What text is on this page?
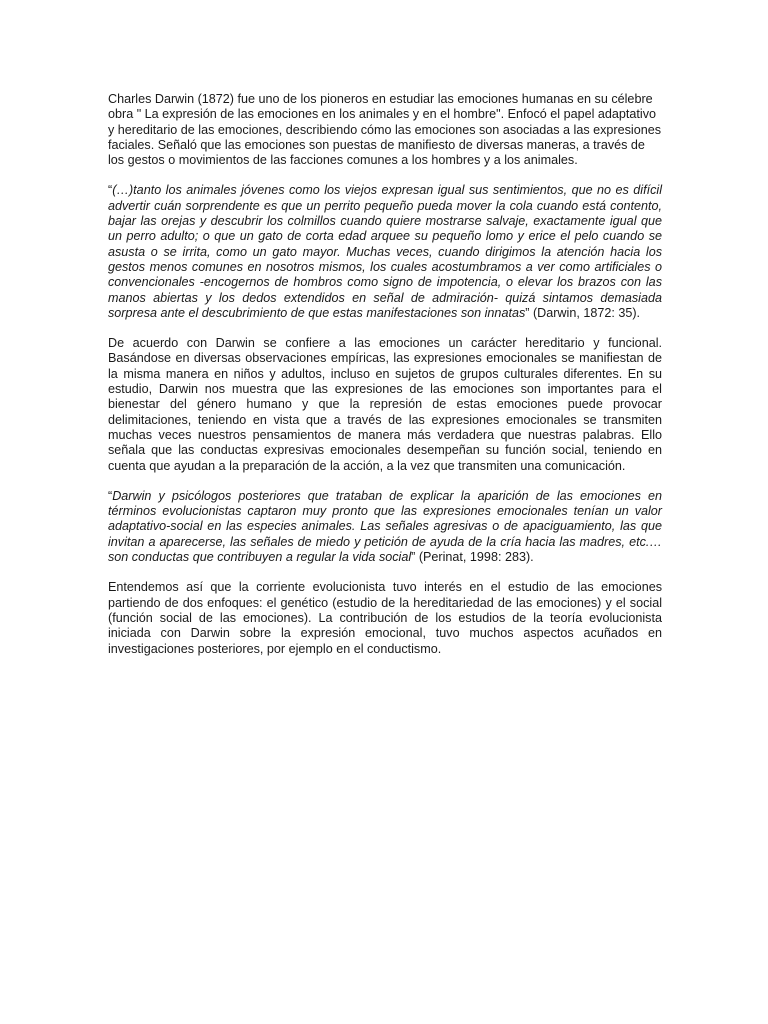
Charles Darwin (1872) fue uno de los pioneros en estudiar las emociones humanas en su célebre obra " La expresión de las emociones en los animales y en el hombre". Enfocó el papel adaptativo y hereditario de las emociones, describiendo cómo las emociones son asociadas a las expresiones faciales. Señaló que las emociones son puestas de manifiesto de diversas maneras, a través de los gestos o movimientos de las facciones comunes a los hombres y a los animales.

“(…)tanto los animales jóvenes como los viejos expresan igual sus sentimientos, que no es difícil advertir cuán sorprendente es que un perrito pequeño pueda mover la cola cuando está contento, bajar las orejas y descubrir los colmillos cuando quiere mostrarse salvaje, exactamente igual que un perro adulto; o que un gato de corta edad arquee su pequeño lomo y erice el pelo cuando se asusta o se irrita, como un gato mayor. Muchas veces, cuando dirigimos la atención hacia los gestos menos comunes en nosotros mismos, los cuales acostumbramos a ver como artificiales o convencionales -encogernos de hombros como signo de impotencia, o elevar los brazos con las manos abiertas y los dedos extendidos en señal de admiración- quizá sintamos demasiada sorpresa ante el descubrimiento de que estas manifestaciones son innatas” (Darwin, 1872: 35).

De acuerdo con Darwin se confiere a las emociones un carácter hereditario y funcional. Basándose en diversas observaciones empíricas, las expresiones emocionales se manifiestan de la misma manera en niños y adultos, incluso en sujetos de grupos culturales diferentes. En su estudio, Darwin nos muestra que las expresiones de las emociones son importantes para el bienestar del género humano y que la represión de estas emociones puede provocar delimitaciones, teniendo en vista que a través de las expresiones emocionales se transmiten muchas veces nuestros pensamientos de manera más verdadera que nuestras palabras. Ello señala que las conductas expresivas emocionales desempeñan su función social, teniendo en cuenta que ayudan a la preparación de la acción, a la vez que transmiten una comunicación.

“Darwin y psicólogos posteriores que trataban de explicar la aparición de las emociones en términos evolucionistas captaron muy pronto que las expresiones emocionales tenían un valor adaptativo-social en las especies animales. Las señales agresivas o de apaciguamiento, las que invitan a aparecerse, las señales de miedo y petición de ayuda de la cría hacia las madres, etc.… son conductas que contribuyen a regular la vida social” (Perinat, 1998: 283).

Entendemos así que la corriente evolucionista tuvo interés en el estudio de las emociones partiendo de dos enfoques: el genético (estudio de la hereditariedad de las emociones) y el social (función social de las emociones). La contribución de los estudios de la teoría evolucionista iniciada con Darwin sobre la expresión emocional, tuvo muchos aspectos acuñados en investigaciones posteriores, por ejemplo en el conductismo.
